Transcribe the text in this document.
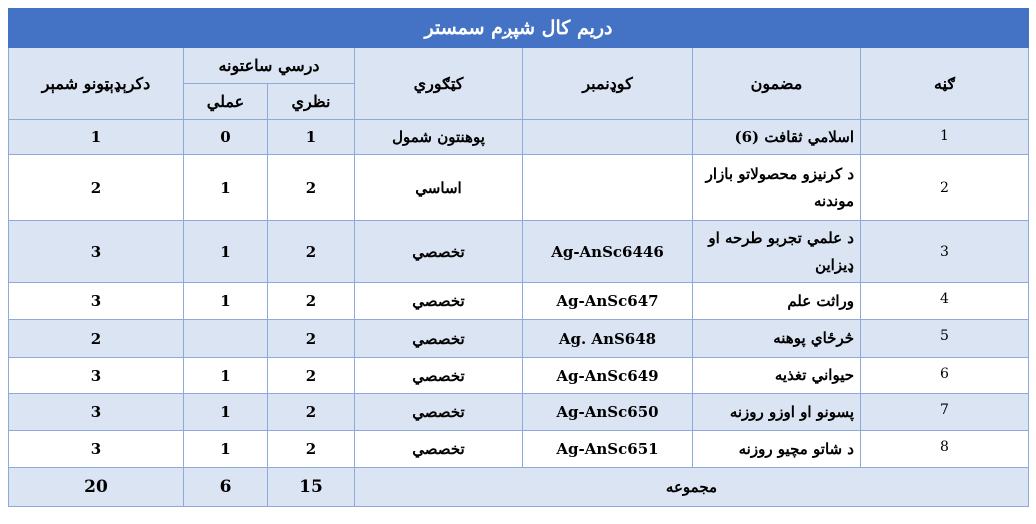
دريم کال شپږم سمستر						
ګڼه	مضمون	کوډنمبر	کټګوري	درسي ساعتونه		دکرېډېټونو شمېر
				نظري	عملي	
1	اسلامي ثقافت (6)		پوهنتون شمول	1	0	1
2	د کرنيزو محصولاتو بازار موندنه		اساسي	2	1	2
3	د علمي تجربو طرحه او ډيزاين	Ag-AnSc6446	تخصصي	2	1	3
4	وراثت علم	Ag-AnSc647	تخصصي	2	1	3
5	څرځاي پوهنه	Ag. AnS648	تخصصي	2		2
6	حيواني تغذيه	Ag-AnSc649	تخصصي	2	1	3
7	پسونو او اوزو روزنه	Ag-AnSc650	تخصصي	2	1	3
8	د شاتو مچيو روزنه	Ag-AnSc651	تخصصي	2	1	3
مجموعه				15	6	20
